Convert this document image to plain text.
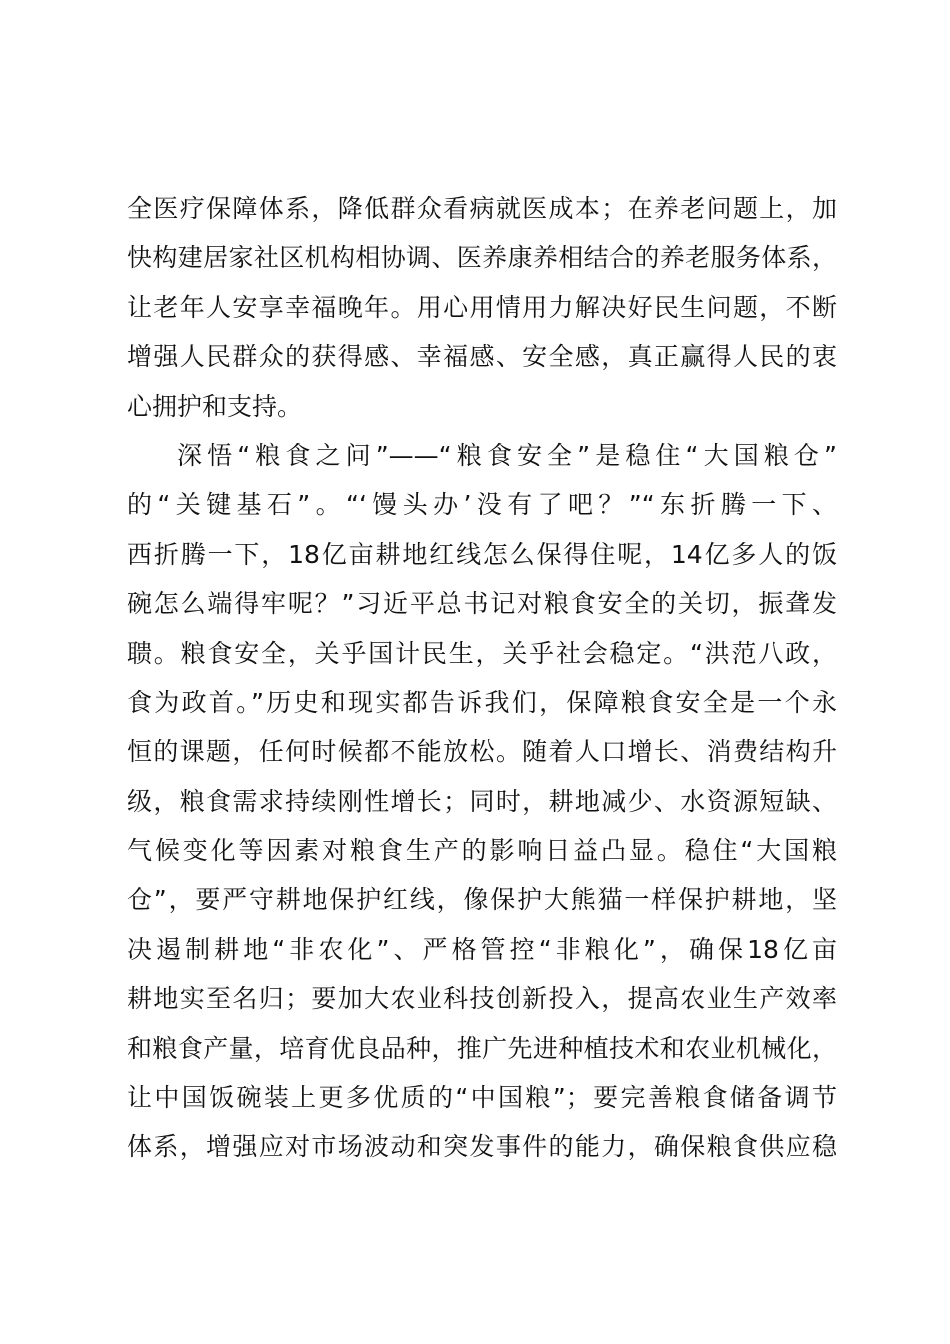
全医疗保障体系，降低群众看病就医成本；在养老问题上，加
快构建居家社区机构相协调、医养康养相结合的养老服务体系，
让老年人安享幸福晚年。用心用情用力解决好民生问题，不断
增强人民群众的获得感、幸福感、安全感，真正赢得人民的衷
心拥护和支持。
深悟“粮食之问”——“粮食安全”是稳住“大国粮仓”
的“关键基石”。“‘馒头办’没有了吧？”“东折腾一下、
西折腾一下，18亿亩耕地红线怎么保得住呢，14亿多人的饭
碗怎么端得牢呢？”习近平总书记对粮食安全的关切，振聋发
聩。粮食安全，关乎国计民生，关乎社会稳定。“洪范八政，
食为政首。”历史和现实都告诉我们，保障粮食安全是一个永
恒的课题，任何时候都不能放松。随着人口增长、消费结构升
级，粮食需求持续刚性增长；同时，耕地减少、水资源短缺、
气候变化等因素对粮食生产的影响日益凸显。稳住“大国粮
仓”，要严守耕地保护红线，像保护大熊猫一样保护耕地，坚
决遏制耕地“非农化”、严格管控“非粮化”，确保18亿亩
耕地实至名归；要加大农业科技创新投入，提高农业生产效率
和粮食产量，培育优良品种，推广先进种植技术和农业机械化，
让中国饭碗装上更多优质的“中国粮”；要完善粮食储备调节
体系，增强应对市场波动和突发事件的能力，确保粮食供应稳
